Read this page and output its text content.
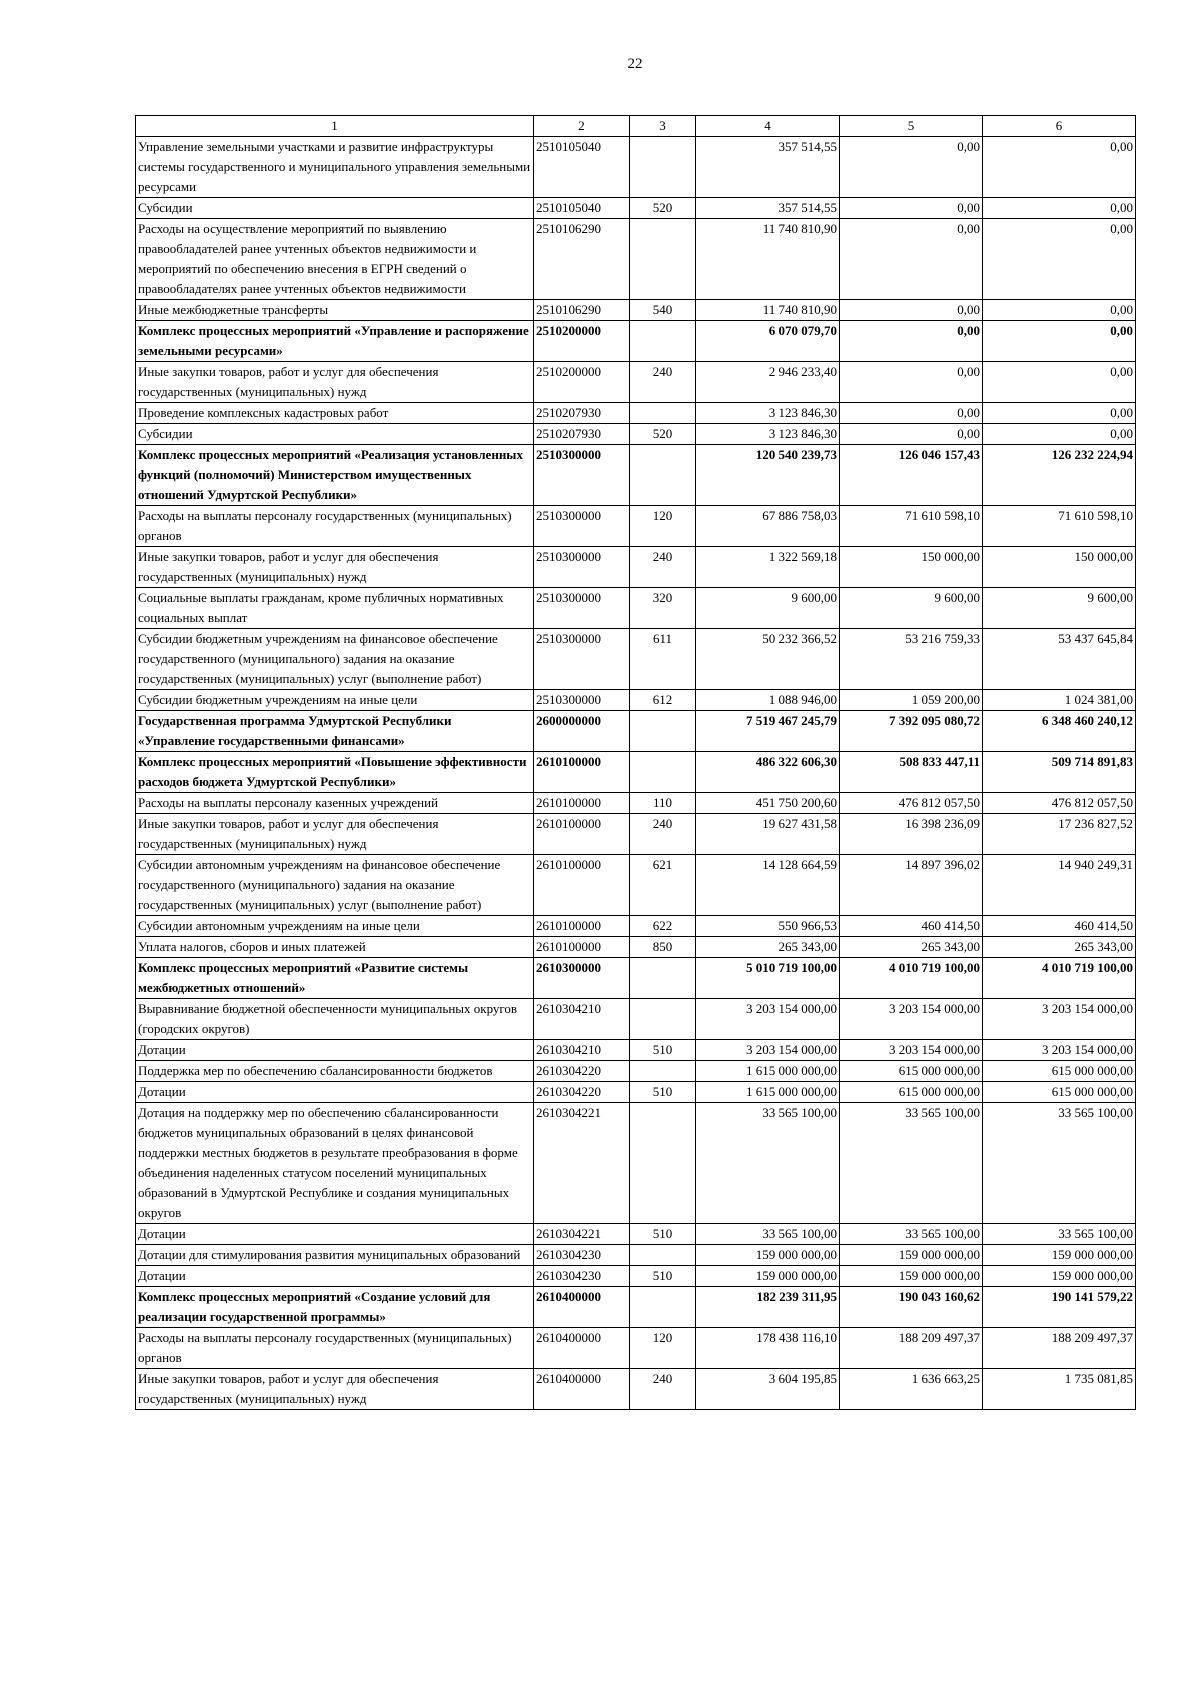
22
1	2	3	4	5	6
Управление земельными участками и развитие инфраструктуры системы государственного и муниципального управления земельными ресурсами	2510105040		357 514,55	0,00	0,00
Субсидии	2510105040	520	357 514,55	0,00	0,00
Расходы на осуществление мероприятий по выявлению правообладателей ранее учтенных объектов недвижимости и мероприятий по обеспечению внесения в ЕГРН сведений о правообладателях ранее учтенных объектов недвижимости	2510106290		11 740 810,90	0,00	0,00
Иные межбюджетные трансферты	2510106290	540	11 740 810,90	0,00	0,00
Комплекс процессных мероприятий «Управление и распоряжение земельными ресурсами»	2510200000		6 070 079,70	0,00	0,00
Иные закупки товаров, работ и услуг для обеспечения государственных (муниципальных) нужд	2510200000	240	2 946 233,40	0,00	0,00
Проведение комплексных кадастровых работ	2510207930		3 123 846,30	0,00	0,00
Субсидии	2510207930	520	3 123 846,30	0,00	0,00
Комплекс процессных мероприятий «Реализация установленных функций (полномочий) Министерством имущественных отношений Удмуртской Республики»	2510300000		120 540 239,73	126 046 157,43	126 232 224,94
Расходы на выплаты персоналу государственных (муниципальных) органов	2510300000	120	67 886 758,03	71 610 598,10	71 610 598,10
Иные закупки товаров, работ и услуг для обеспечения государственных (муниципальных) нужд	2510300000	240	1 322 569,18	150 000,00	150 000,00
Социальные выплаты гражданам, кроме публичных нормативных социальных выплат	2510300000	320	9 600,00	9 600,00	9 600,00
Субсидии бюджетным учреждениям на финансовое обеспечение государственного (муниципального) задания на оказание государственных (муниципальных) услуг (выполнение работ)	2510300000	611	50 232 366,52	53 216 759,33	53 437 645,84
Субсидии бюджетным учреждениям на иные цели	2510300000	612	1 088 946,00	1 059 200,00	1 024 381,00
Государственная программа Удмуртской Республики «Управление государственными финансами»	2600000000		7 519 467 245,79	7 392 095 080,72	6 348 460 240,12
Комплекс процессных мероприятий «Повышение эффективности расходов бюджета Удмуртской Республики»	2610100000		486 322 606,30	508 833 447,11	509 714 891,83
Расходы на выплаты персоналу казенных учреждений	2610100000	110	451 750 200,60	476 812 057,50	476 812 057,50
Иные закупки товаров, работ и услуг для обеспечения государственных (муниципальных) нужд	2610100000	240	19 627 431,58	16 398 236,09	17 236 827,52
Субсидии автономным учреждениям на финансовое обеспечение государственного (муниципального) задания на оказание государственных (муниципальных) услуг (выполнение работ)	2610100000	621	14 128 664,59	14 897 396,02	14 940 249,31
Субсидии автономным учреждениям на иные цели	2610100000	622	550 966,53	460 414,50	460 414,50
Уплата налогов, сборов и иных платежей	2610100000	850	265 343,00	265 343,00	265 343,00
Комплекс процессных мероприятий «Развитие системы межбюджетных отношений»	2610300000		5 010 719 100,00	4 010 719 100,00	4 010 719 100,00
Выравнивание бюджетной обеспеченности муниципальных округов (городских округов)	2610304210		3 203 154 000,00	3 203 154 000,00	3 203 154 000,00
Дотации	2610304210	510	3 203 154 000,00	3 203 154 000,00	3 203 154 000,00
Поддержка мер по обеспечению сбалансированности бюджетов	2610304220		1 615 000 000,00	615 000 000,00	615 000 000,00
Дотации	2610304220	510	1 615 000 000,00	615 000 000,00	615 000 000,00
Дотация на поддержку мер по обеспечению сбалансированности бюджетов муниципальных образований в целях финансовой поддержки местных бюджетов в результате преобразования в форме объединения наделенных статусом поселений муниципальных образований в Удмуртской Республике и создания муниципальных округов	2610304221		33 565 100,00	33 565 100,00	33 565 100,00
Дотации	2610304221	510	33 565 100,00	33 565 100,00	33 565 100,00
Дотации для стимулирования развития муниципальных образований	2610304230		159 000 000,00	159 000 000,00	159 000 000,00
Дотации	2610304230	510	159 000 000,00	159 000 000,00	159 000 000,00
Комплекс процессных мероприятий «Создание условий для реализации государственной программы»	2610400000		182 239 311,95	190 043 160,62	190 141 579,22
Расходы на выплаты персоналу государственных (муниципальных) органов	2610400000	120	178 438 116,10	188 209 497,37	188 209 497,37
Иные закупки товаров, работ и услуг для обеспечения государственных (муниципальных) нужд	2610400000	240	3 604 195,85	1 636 663,25	1 735 081,85
